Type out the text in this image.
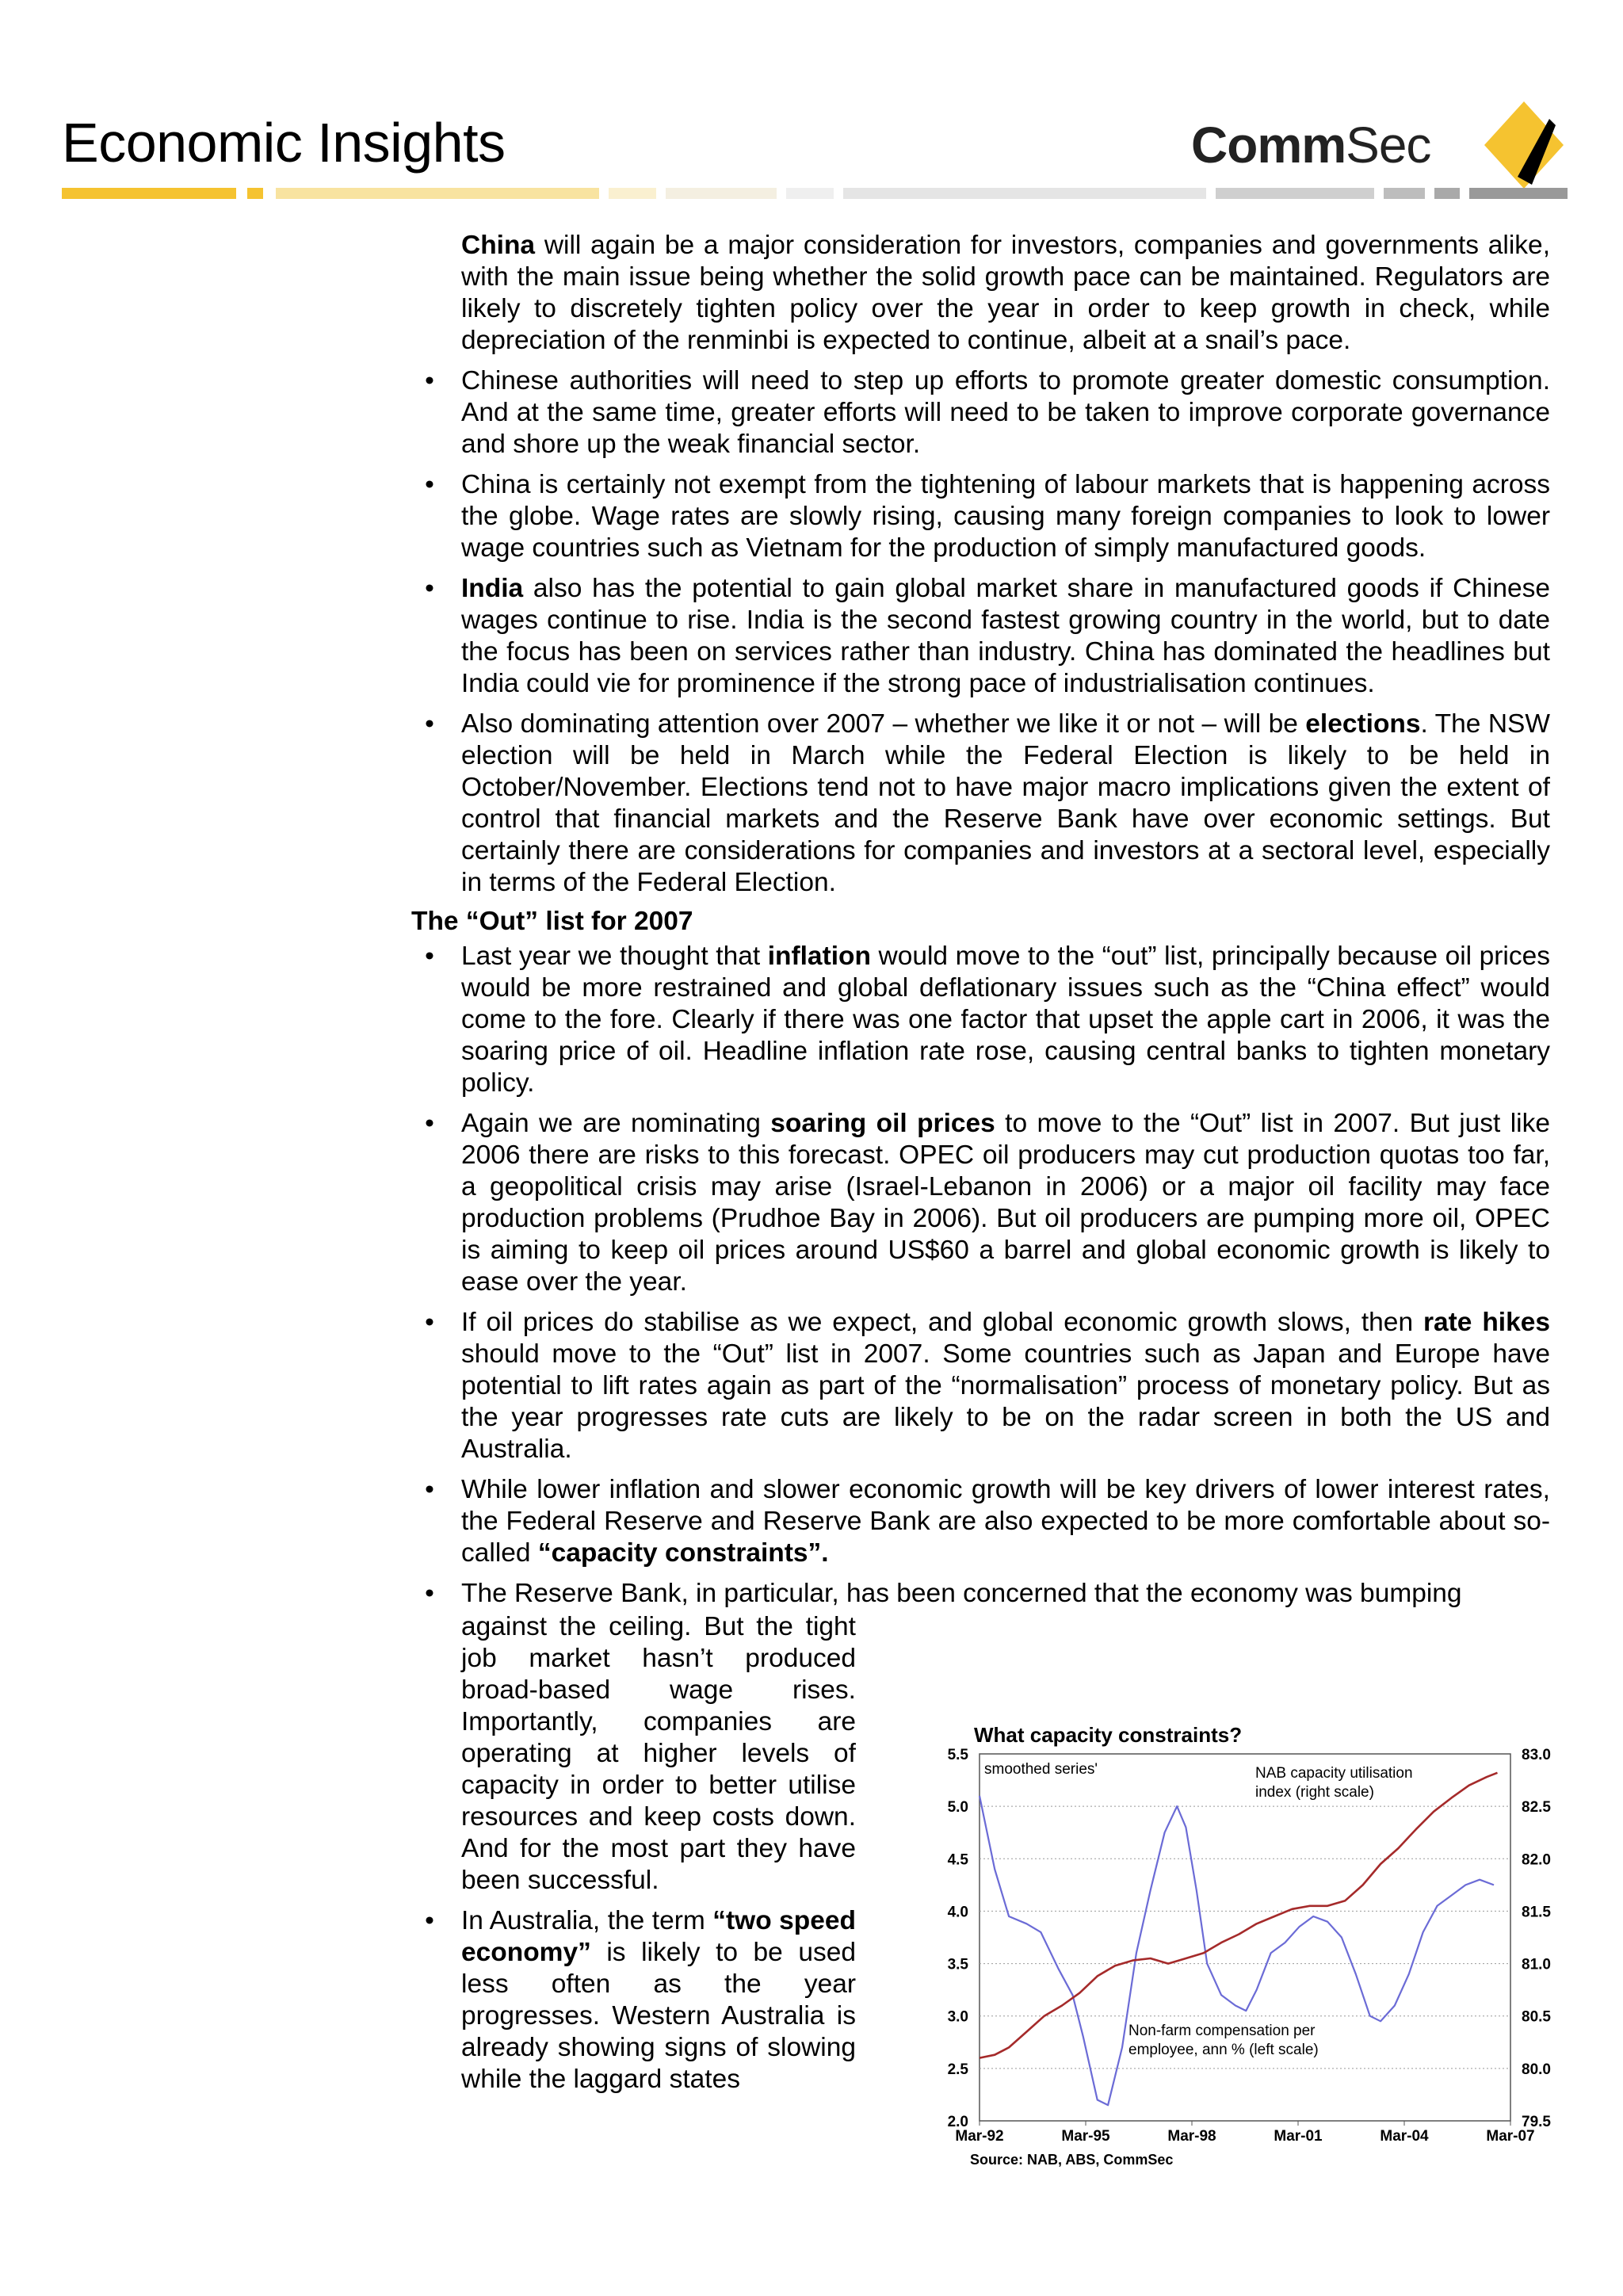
Economic Insights	CommSec

China will again be a major consideration for investors, companies and governments alike, with the main issue being whether the solid growth pace can be maintained. Regulators are likely to discretely tighten policy over the year in order to keep growth in check, while depreciation of the renminbi is expected to continue, albeit at a snail’s pace.

• Chinese authorities will need to step up efforts to promote greater domestic consumption. And at the same time, greater efforts will need to be taken to improve corporate governance and shore up the weak financial sector.
• China is certainly not exempt from the tightening of labour markets that is happening across the globe. Wage rates are slowly rising, causing many foreign companies to look to lower wage countries such as Vietnam for the production of simply manufactured goods.
• India also has the potential to gain global market share in manufactured goods if Chinese wages continue to rise. India is the second fastest growing country in the world, but to date the focus has been on services rather than industry. China has dominated the headlines but India could vie for prominence if the strong pace of industrialisation continues.
• Also dominating attention over 2007 – whether we like it or not – will be elections. The NSW election will be held in March while the Federal Election is likely to be held in October/November. Elections tend not to have major macro implications given the extent of control that financial markets and the Reserve Bank have over economic settings. But certainly there are considerations for companies and investors at a sectoral level, especially in terms of the Federal Election.
The “Out” list for 2007
• Last year we thought that inflation would move to the “out” list, principally because oil prices would be more restrained and global deflationary issues such as the “China effect” would come to the fore. Clearly if there was one factor that upset the apple cart in 2006, it was the soaring price of oil. Headline inflation rate rose, causing central banks to tighten monetary policy.
• Again we are nominating soaring oil prices to move to the “Out” list in 2007. But just like 2006 there are risks to this forecast. OPEC oil producers may cut production quotas too far, a geopolitical crisis may arise (Israel-Lebanon in 2006) or a major oil facility may face production problems (Prudhoe Bay in 2006). But oil producers are pumping more oil, OPEC is aiming to keep oil prices around US$60 a barrel and global economic growth is likely to ease over the year.
• If oil prices do stabilise as we expect, and global economic growth slows, then rate hikes should move to the “Out” list in 2007. Some countries such as Japan and Europe have potential to lift rates again as part of the “normalisation” process of monetary policy. But as the year progresses rate cuts are likely to be on the radar screen in both the US and Australia.
• While lower inflation and slower economic growth will be key drivers of lower interest rates, the Federal Reserve and Reserve Bank are also expected to be more comfortable about so-called “capacity constraints”.
• The Reserve Bank, in particular, has been concerned that the economy was bumping
against the ceiling. But the tight job market hasn’t produced broad-based wage rises. Importantly, companies are operating at higher levels of capacity in order to better utilise resources and keep costs down. And for the most part they have been successful.
• In Australia, the term “two speed economy” is likely to be used less often as the year progresses. Western Australia is already showing signs of slowing while the laggard states
What capacity constraints?
5.5
5.0
4.5
4.0
3.5
3.0
2.5
2.0
83.0
82.5
82.0
81.5
81.0
80.5
80.0
79.5
Mar-92	Mar-95	Mar-98	Mar-01	Mar-04	Mar-07
smoothed series'	NAB capacity utilisation
index (right scale)
Non-farm compensation per
employee, ann % (left scale)
Source: NAB, ABS, CommSec
